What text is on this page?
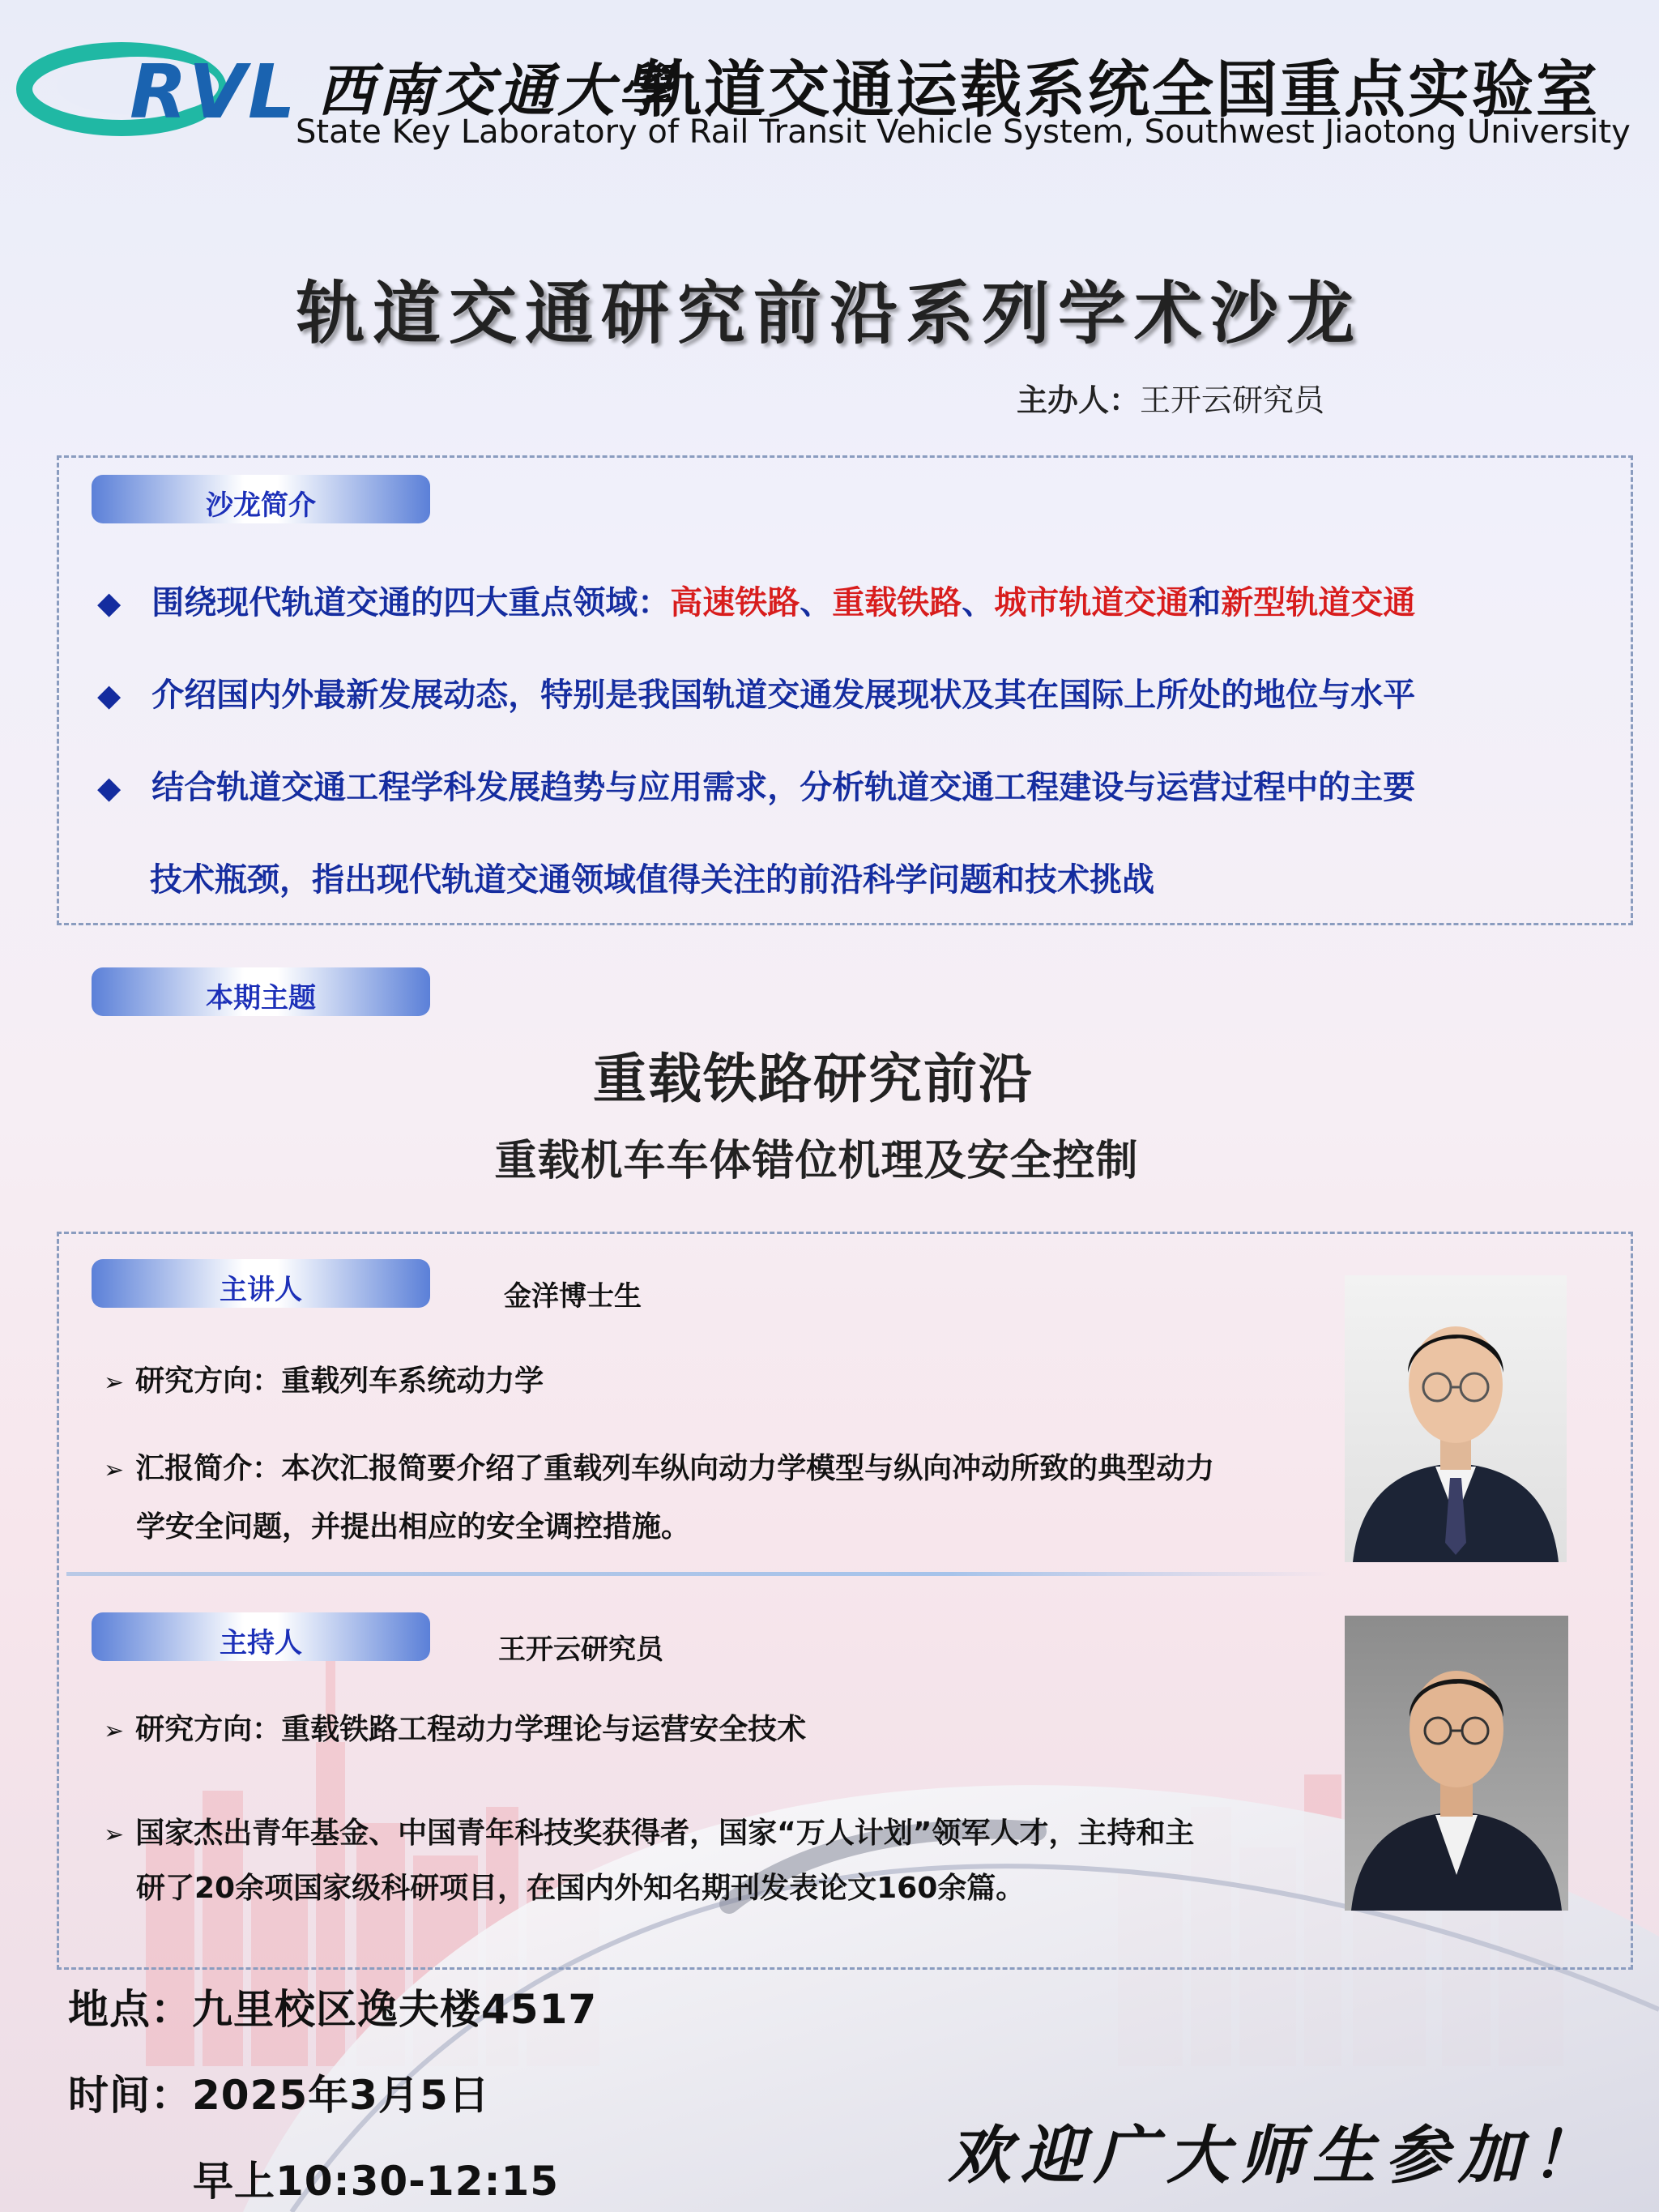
RVL 西南交通大學
轨道交通运载系统全国重点实验室
State Key Laboratory of Rail Transit Vehicle System, Southwest Jiaotong University
轨道交通研究前沿系列学术沙龙
主办人：王开云研究员
沙龙简介
◆ 围绕现代轨道交通的四大重点领域：高速铁路、重载铁路、城市轨道交通和新型轨道交通
◆ 介绍国内外最新发展动态，特别是我国轨道交通发展现状及其在国际上所处的地位与水平
◆ 结合轨道交通工程学科发展趋势与应用需求，分析轨道交通工程建设与运营过程中的主要
技术瓶颈，指出现代轨道交通领域值得关注的前沿科学问题和技术挑战
本期主题
重载铁路研究前沿
重载机车车体错位机理及安全控制
主讲人	金洋博士生
➢ 研究方向：重载列车系统动力学
➢ 汇报简介：本次汇报简要介绍了重载列车纵向动力学模型与纵向冲动所致的典型动力
学安全问题，并提出相应的安全调控措施。
主持人	王开云研究员
➢ 研究方向：重载铁路工程动力学理论与运营安全技术
➢ 国家杰出青年基金、中国青年科技奖获得者，国家“万人计划”领军人才，主持和主
研了20余项国家级科研项目，在国内外知名期刊发表论文160余篇。
地点：九里校区逸夫楼4517
时间：2025年3月5日
早上10:30-12:15	欢迎广大师生参加！
